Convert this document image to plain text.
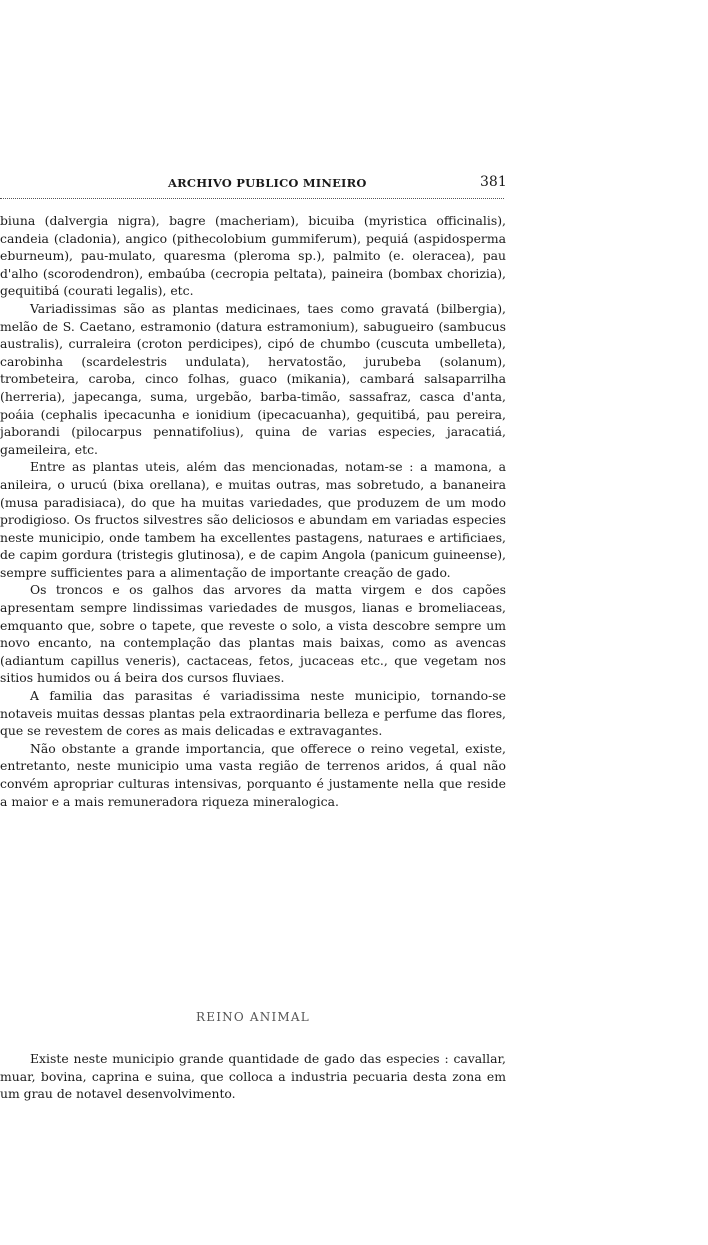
ARCHIVO PUBLICO MINEIRO	381

biuna (dalvergia nigra), bagre (macheriam), bicuiba (myristica officinalis), candeia (cladonia), angico (pithecolobium gummiferum), pequiá (aspidosperma eburneum), pau-mulato, quaresma (pleroma sp.), palmito (e. oleracea), pau d'alho (scorodendron), embaúba (cecropia peltata), paineira (bombax chorizia), gequitibá (courati legalis), etc.

Variadissimas são as plantas medicinaes, taes como gravatá (bilbergia), melão de S. Caetano, estramonio (datura estramonium), sabugueiro (sambucus australis), curraleira (croton perdicipes), cipó de chumbo (cuscuta umbelleta), carobinha (scardelestris undulata), hervatostão, jurubeba (solanum), trombeteira, caroba, cinco folhas, guaco (mikania), cambará salsaparrilha (herreria), japecanga, suma, urgebão, barba-timão, sassafraz, casca d'anta, poáia (cephalis ipecacunha e ionidium (ipecacuanha), gequitibá, pau pereira, jaborandi (pilocarpus pennatifolius), quina de varias especies, jaracatiá, gameileira, etc.

Entre as plantas uteis, além das mencionadas, notam-se : a mamona, a anileira, o urucú (bixa orellana), e muitas outras, mas sobretudo, a bananeira (musa paradisiaca), do que ha muitas variedades, que produzem de um modo prodigioso. Os fructos silvestres são deliciosos e abundam em variadas especies neste municipio, onde tambem ha excellentes pastagens, naturaes e artificiaes, de capim gordura (tristegis glutinosa), e de capim Angola (panicum guineense), sempre sufficientes para a alimentação de importante creação de gado.

Os troncos e os galhos das arvores da matta virgem e dos capões apresentam sempre lindissimas variedades de musgos, lianas e bromeliaceas, emquanto que, sobre o tapete, que reveste o solo, a vista descobre sempre um novo encanto, na contemplação das plantas mais baixas, como as avencas (adiantum capillus veneris), cactaceas, fetos, jucaceas etc., que vegetam nos sitios humidos ou á beira dos cursos fluviaes.

A familia das parasitas é variadissima neste municipio, tornando-se notaveis muitas dessas plantas pela extraordinaria belleza e perfume das flores, que se revestem de cores as mais delicadas e extravagantes.

Não obstante a grande importancia, que offerece o reino vegetal, existe, entretanto, neste municipio uma vasta região de terrenos aridos, á qual não convém apropriar culturas intensivas, porquanto é justamente nella que reside a maior e a mais remuneradora riqueza mineralogica.

REINO ANIMAL

Existe neste municipio grande quantidade de gado das especies : cavallar, muar, bovina, caprina e suina, que colloca a industria pecuaria desta zona em um grau de notavel desenvolvimento.
